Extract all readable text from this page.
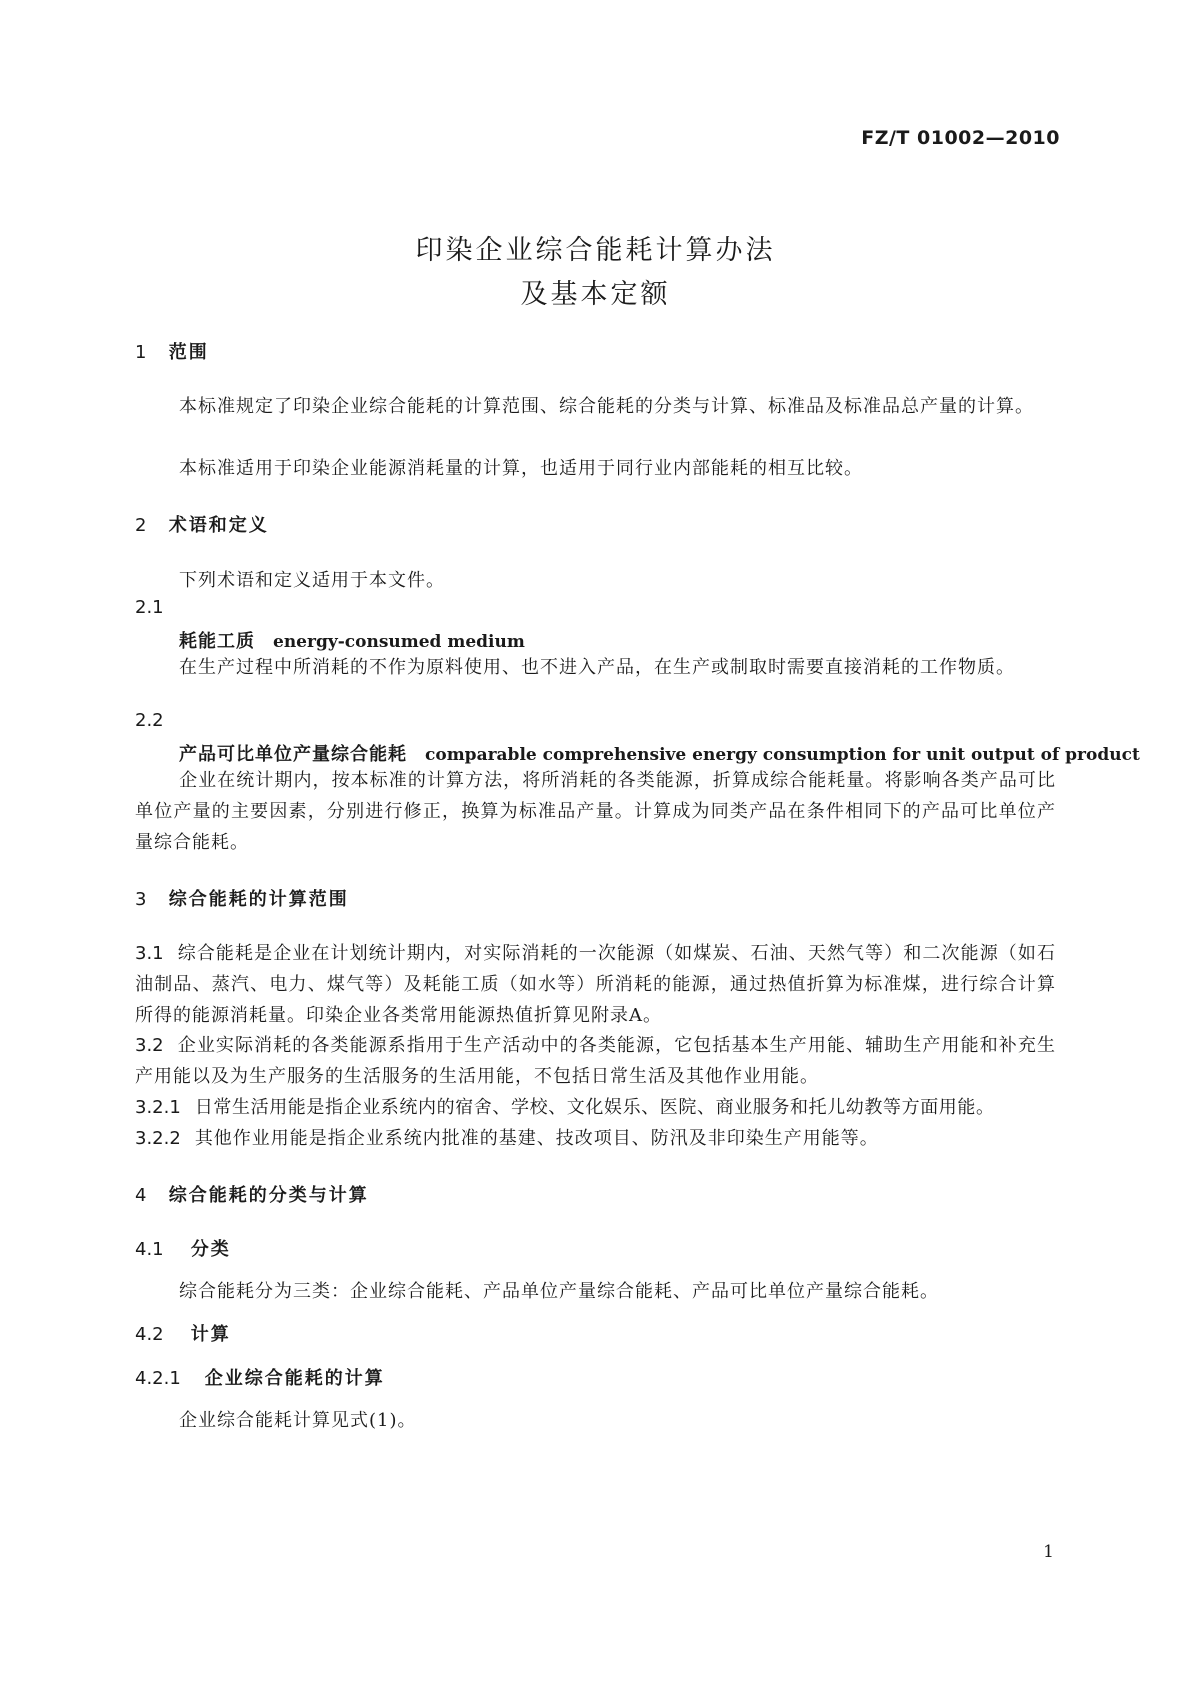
FZ/T 01002—2010
印染企业综合能耗计算办法
及基本定额
1 范围
本标准规定了印染企业综合能耗的计算范围、综合能耗的分类与计算、标准品及标准品总产量的计算。
本标准适用于印染企业能源消耗量的计算，也适用于同行业内部能耗的相互比较。
2 术语和定义
下列术语和定义适用于本文件。
2.1
耗能工质 energy-consumed medium
在生产过程中所消耗的不作为原料使用、也不进入产品，在生产或制取时需要直接消耗的工作物质。
2.2
产品可比单位产量综合能耗 comparable comprehensive energy consumption for unit output of product
企业在统计期内，按本标准的计算方法，将所消耗的各类能源，折算成综合能耗量。将影响各类产品可比单位产量的主要因素，分别进行修正，换算为标准品产量。计算成为同类产品在条件相同下的产品可比单位产量综合能耗。
3 综合能耗的计算范围
3.1 综合能耗是企业在计划统计期内，对实际消耗的一次能源（如煤炭、石油、天然气等）和二次能源（如石油制品、蒸汽、电力、煤气等）及耗能工质（如水等）所消耗的能源，通过热值折算为标准煤，进行综合计算所得的能源消耗量。印染企业各类常用能源热值折算见附录A。
3.2 企业实际消耗的各类能源系指用于生产活动中的各类能源，它包括基本生产用能、辅助生产用能和补充生产用能以及为生产服务的生活服务的生活用能，不包括日常生活及其他作业用能。
3.2.1 日常生活用能是指企业系统内的宿舍、学校、文化娱乐、医院、商业服务和托儿幼教等方面用能。
3.2.2 其他作业用能是指企业系统内批准的基建、技改项目、防汛及非印染生产用能等。
4 综合能耗的分类与计算
4.1 分类
综合能耗分为三类：企业综合能耗、产品单位产量综合能耗、产品可比单位产量综合能耗。
4.2 计算
4.2.1 企业综合能耗的计算
企业综合能耗计算见式(1)。
1
